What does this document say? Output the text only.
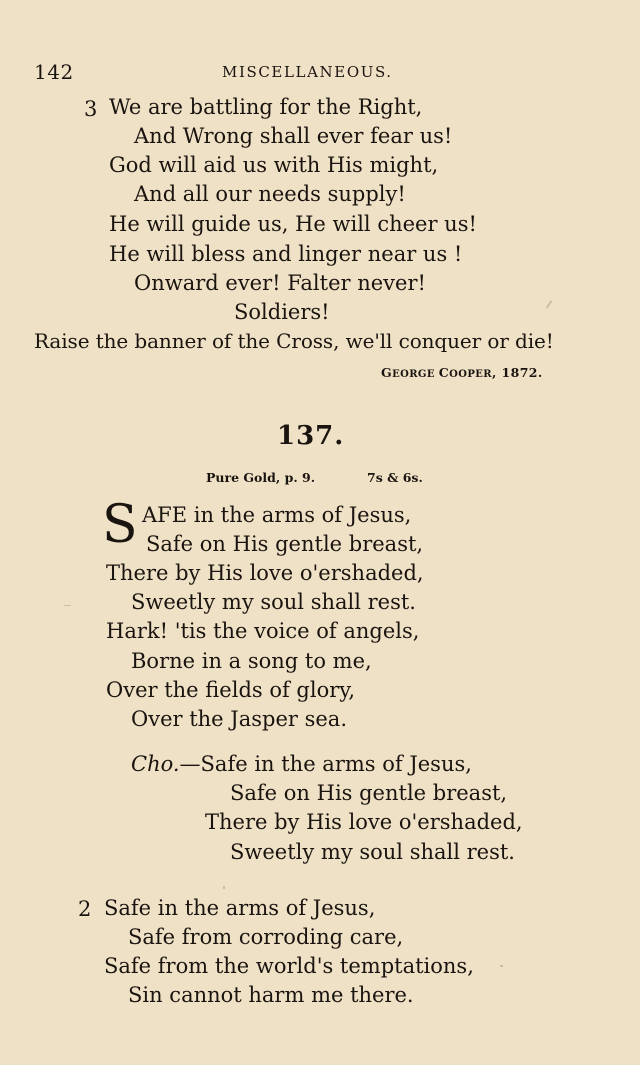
142	MISCELLANEOUS.
3 We are battling for the Right,
And Wrong shall ever fear us!
God will aid us with His might,
And all our needs supply!
He will guide us, He will cheer us!
He will bless and linger near us !
Onward ever! Falter never!
Soldiers!
Raise the banner of the Cross, we'll conquer or die!
GEORGE COOPER, 1872.
137.
Pure Gold, p. 9.	7s & 6s.
S AFE in the arms of Jesus,
Safe on His gentle breast,
There by His love o'ershaded,
Sweetly my soul shall rest.
Hark! 'tis the voice of angels,
Borne in a song to me,
Over the fields of glory,
Over the Jasper sea.
Cho.—Safe in the arms of Jesus,
Safe on His gentle breast,
There by His love o'ershaded,
Sweetly my soul shall rest.
2 Safe in the arms of Jesus,
Safe from corroding care,
Safe from the world's temptations,
Sin cannot harm me there.
